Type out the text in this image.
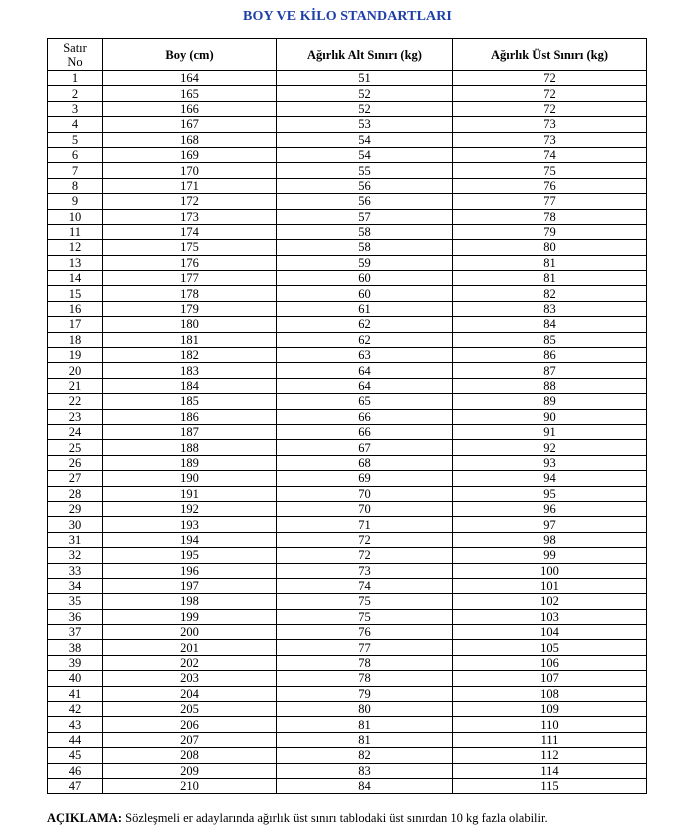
BOY VE KİLO STANDARTLARI
Satır
No	Boy (cm)	Ağırlık Alt Sınırı (kg)	Ağırlık Üst Sınırı (kg)
1	164	51	72
2	165	52	72
3	166	52	72
4	167	53	73
5	168	54	73
6	169	54	74
7	170	55	75
8	171	56	76
9	172	56	77
10	173	57	78
11	174	58	79
12	175	58	80
13	176	59	81
14	177	60	81
15	178	60	82
16	179	61	83
17	180	62	84
18	181	62	85
19	182	63	86
20	183	64	87
21	184	64	88
22	185	65	89
23	186	66	90
24	187	66	91
25	188	67	92
26	189	68	93
27	190	69	94
28	191	70	95
29	192	70	96
30	193	71	97
31	194	72	98
32	195	72	99
33	196	73	100
34	197	74	101
35	198	75	102
36	199	75	103
37	200	76	104
38	201	77	105
39	202	78	106
40	203	78	107
41	204	79	108
42	205	80	109
43	206	81	110
44	207	81	111
45	208	82	112
46	209	83	114
47	210	84	115
AÇIKLAMA: Sözleşmeli er adaylarında ağırlık üst sınırı tablodaki üst sınırdan 10 kg fazla olabilir.
